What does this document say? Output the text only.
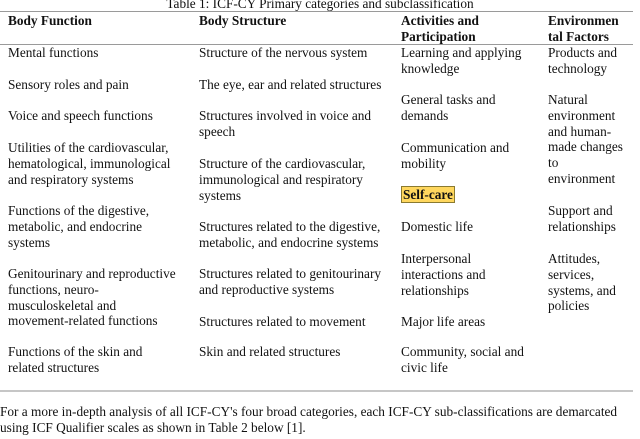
Table 1: ICF-CY Primary categories and subclassification
Body Function	Body Structure	Activities and
Participation
Environmen
tal Factors
Mental functions
Sensory roles and pain
Voice and speech functions
Utilities of the cardiovascular,
hematological, immunological
and respiratory systems
Functions of the digestive,
metabolic, and endocrine
systems
Genitourinary and reproductive
functions, neuro-
musculoskeletal and
movement-related functions
Functions of the skin and
related structures
Structure of the nervous system
The eye, ear and related structures
Structures involved in voice and
speech
Structure of the cardiovascular,
immunological and respiratory
systems
Structures related to the digestive,
metabolic, and endocrine systems
Structures related to genitourinary
and reproductive systems
Structures related to movement
Skin and related structures
Learning and applying
knowledge
General tasks and
demands
Communication and
mobility
Self-care
Domestic life
Interpersonal
interactions and
relationships
Major life areas
Community, social and
civic life
Products and
technology
Natural
environment
and human-
made changes
to
environment
Support and
relationships
Attitudes,
services,
systems, and
policies
For a more in-depth analysis of all ICF-CY's four broad categories, each ICF-CY sub-classifications are demarcated
using ICF Qualifier scales as shown in Table 2 below [1].
